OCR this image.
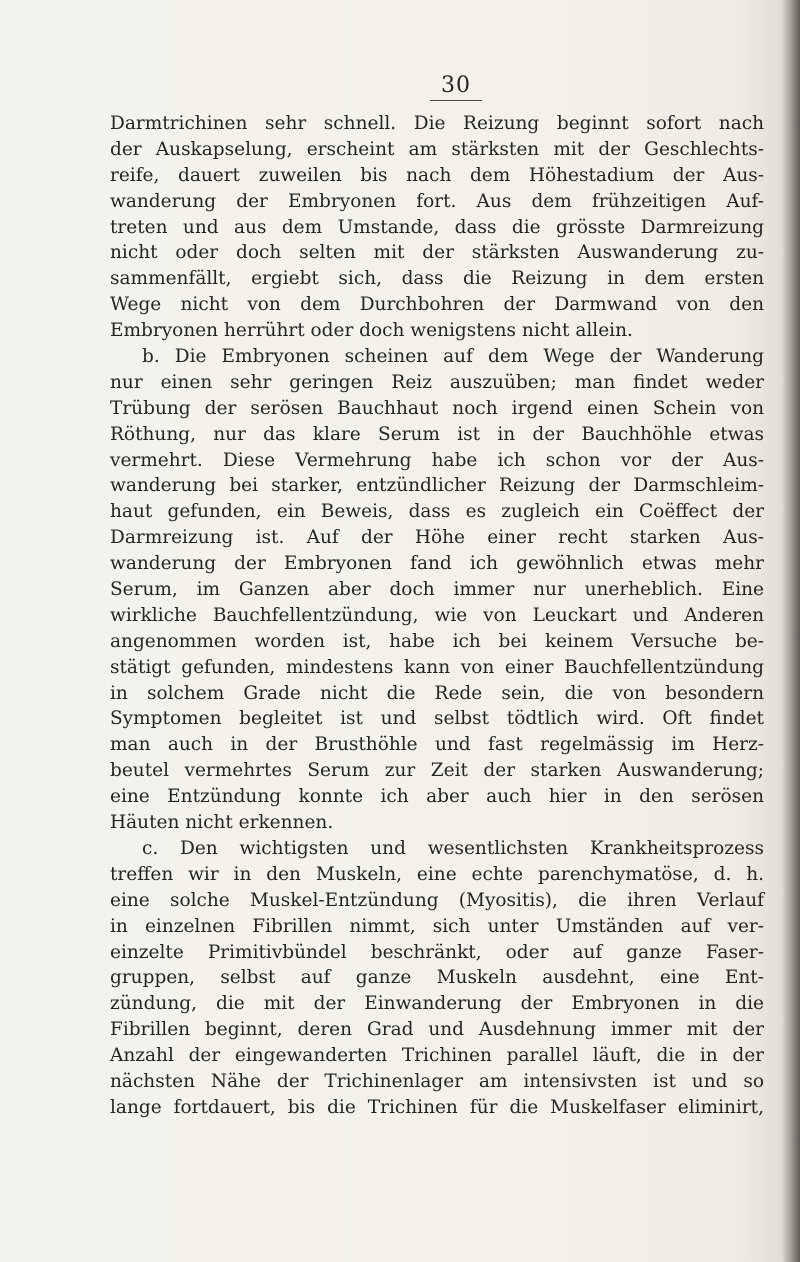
30
Darmtrichinen sehr schnell. Die Reizung beginnt sofort nach
der Auskapselung, erscheint am stärksten mit der Geschlechts-
reife, dauert zuweilen bis nach dem Höhestadium der Aus-
wanderung der Embryonen fort. Aus dem frühzeitigen Auf-
treten und aus dem Umstande, dass die grösste Darmreizung
nicht oder doch selten mit der stärksten Auswanderung zu-
sammenfällt, ergiebt sich, dass die Reizung in dem ersten
Wege nicht von dem Durchbohren der Darmwand von den
Embryonen herrührt oder doch wenigstens nicht allein.
b. Die Embryonen scheinen auf dem Wege der Wanderung
nur einen sehr geringen Reiz auszuüben; man findet weder
Trübung der serösen Bauchhaut noch irgend einen Schein von
Röthung, nur das klare Serum ist in der Bauchhöhle etwas
vermehrt. Diese Vermehrung habe ich schon vor der Aus-
wanderung bei starker, entzündlicher Reizung der Darmschleim-
haut gefunden, ein Beweis, dass es zugleich ein Coëffect der
Darmreizung ist. Auf der Höhe einer recht starken Aus-
wanderung der Embryonen fand ich gewöhnlich etwas mehr
Serum, im Ganzen aber doch immer nur unerheblich. Eine
wirkliche Bauchfellentzündung, wie von Leuckart und Anderen
angenommen worden ist, habe ich bei keinem Versuche be-
stätigt gefunden, mindestens kann von einer Bauchfellentzündung
in solchem Grade nicht die Rede sein, die von besondern
Symptomen begleitet ist und selbst tödtlich wird. Oft findet
man auch in der Brusthöhle und fast regelmässig im Herz-
beutel vermehrtes Serum zur Zeit der starken Auswanderung;
eine Entzündung konnte ich aber auch hier in den serösen
Häuten nicht erkennen.
c. Den wichtigsten und wesentlichsten Krankheitsprozess
treffen wir in den Muskeln, eine echte parenchymatöse, d. h.
eine solche Muskel-Entzündung (Myositis), die ihren Verlauf
in einzelnen Fibrillen nimmt, sich unter Umständen auf ver-
einzelte Primitivbündel beschränkt, oder auf ganze Faser-
gruppen, selbst auf ganze Muskeln ausdehnt, eine Ent-
zündung, die mit der Einwanderung der Embryonen in die
Fibrillen beginnt, deren Grad und Ausdehnung immer mit der
Anzahl der eingewanderten Trichinen parallel läuft, die in der
nächsten Nähe der Trichinenlager am intensivsten ist und so
lange fortdauert, bis die Trichinen für die Muskelfaser eliminirt,
